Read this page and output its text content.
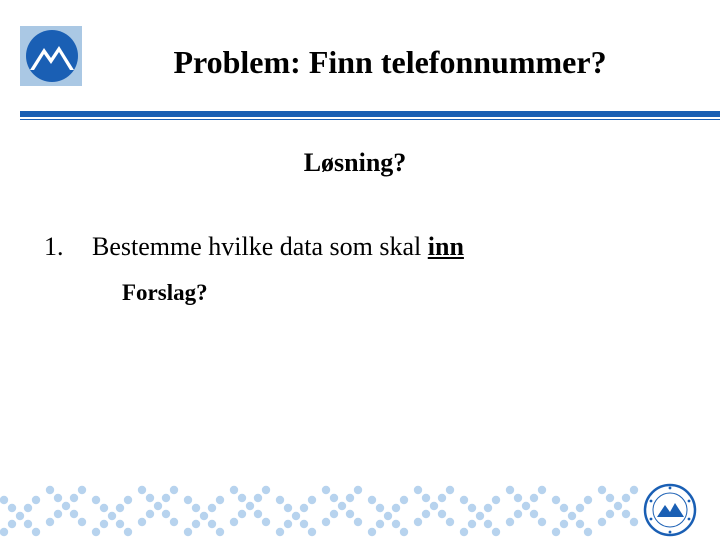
Problem: Finn telefonnummer?
Løsning?
1. Bestemme hvilke data som skal inn
Forslag?
